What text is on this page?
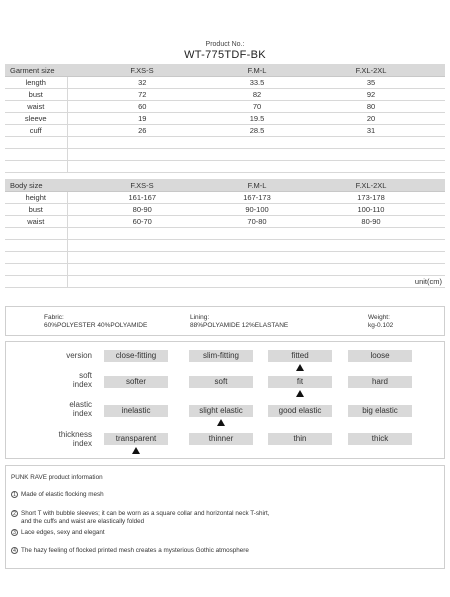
Product No.:
WT-775TDF-BK
Garment size	F.XS-S	F.M-L	F.XL-2XL
length	32	33.5	35
bust	72	82	92
waist	60	70	80
sleeve	19	19.5	20
cuff	26	28.5	31

Body size	F.XS-S	F.M-L	F.XL-2XL
height	161-167	167-173	173-178
bust	80-90	90-100	100-110
waist	60-70	70-80	80-90

	unit(cm)		
Fabric:
60%POLYESTER 40%POLYAMIDE
Lining:
88%POLYAMIDE 12%ELASTANE
Weight:
kg-0.102
version	close-fitting	slim-fitting	fitted	loose
soft
index	softer	soft	fit	hard
elastic
index	inelastic	slight elastic	good elastic	big elastic
thickness
index	transparent	thinner	thin	thick
PUNK RAVE product information
1 Made of elastic flocking mesh
2 Short T with bubble sleeves; it can be worn as a square collar and horizontal neck T-shirt,
and the cuffs and waist are elastically folded
3 Lace edges, sexy and elegant
4 The hazy feeling of flocked printed mesh creates a mysterious Gothic atmosphere
